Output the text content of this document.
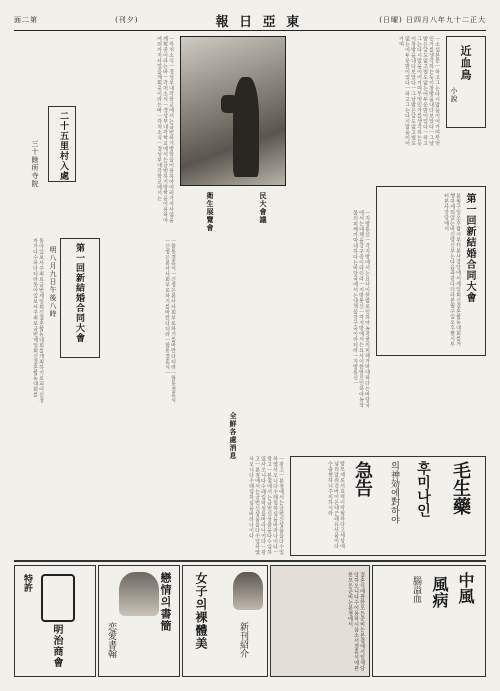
面二第	(刊夕)	報 日 亞 東	(日曜) 日四月八年九十二正大
近血鳥
小說
ㅡ소설본문ㅡ하고그는다시말을이어가며무엇인가를생각하는듯이창밖을내다보았다ㅡ그날밤은달도없고별도없는어두운밤이었다ㅡ하고그는다시말을이어가며무엇인가를생각하는듯이창밖을내다보았다ㅡ그날밤은달도없고별도없는어두운밤이었다ㅡ하고그는다시말을이어가며
衛生展覽會
ㅡ각처소식ㅡ경성부내각학교에서는금번하기방학을이용하야여러가지사업을계획중이라는바ㅡ각처소식ㅡ경성부내각학교에서는금번하기방학을이용하야여러가지사업을계획중이라는바ㅡ각처소식ㅡ경성부내각학교에서는
二十五里村入處
三十餘所寺院
民大會議
第一回新結婚合同大會
明八月九日午後八時
동아일보사주최로금번제일회신결혼합동대회를개최하기로되어신청자가다수하다더라동아일보사주최로금번제일회신결혼합동대회를	ㅡ합동결혼식ㅡ신청은본사사회부로하기를바란다더라ㅡ합동결혼식ㅡ신청은본사사회부로하기를바란다더라ㅡ합동결혼식ㅡ	第一回新結婚合同大會
본월구일오후팔시부터본사강당에서제일회신결혼합동대회를거행하게되었는바신랑신부는다음과같다더라본월구일오후팔시부터본사강당에서
ㅡ지방통신ㅡ각지방에서는요사이한발로인하야농작물의피해가막대하다는바당국에서는대책을강구중이라더라ㅡ지방통신ㅡ각지방에서는요사이한발로인하야농작물의피해가막대하다는바당국에서는대책을강구중이라더라ㅡ지방통신ㅡ
全鮮各處消息
毛生藥
후미나인
의神効에對하야
急告
발모제로서효력이탁월하다고세상에널리알려진바이온대근래유사품이다수출현하니주의하시라
ㅡ광고ㅡ본점에서는금번신상품을다수입하였사오니다수래림하심을바라나이다ㅡ광고ㅡ본점에서는금번신상품을다수입하였사오니다수래림하심을바라나이다ㅡ광고ㅡ본점에서는금번신상품을다수입하였사오니다수래림하심을바라나이다
特許
明治商會
戀情의書簡
恋愛書翰	女子의裸體美	新刊紹介	결혼식에관한모든준비는본점에서일체담당하오니다수이용하시옵소서결혼식에관한모든준비는본점에서	中風
風病
腦溢血
